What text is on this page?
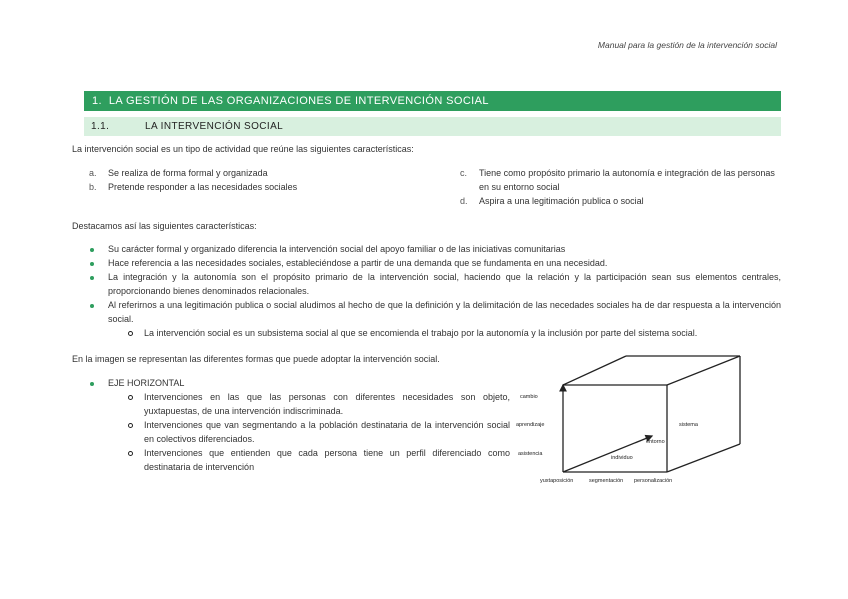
Manual para la gestión de la intervención social
1. LA GESTIÓN DE LAS ORGANIZACIONES DE INTERVENCIÓN SOCIAL
1.1.	LA INTERVENCIÓN SOCIAL
La intervención social es un tipo de actividad que reúne las siguientes características:
a. Se realiza de forma formal y organizada
b. Pretende responder a las necesidades sociales
c. Tiene como propósito primario la autonomía e integración de las personas en su entorno social
d. Aspira a una legitimación publica o social
Destacamos así las siguientes características:
Su carácter formal y organizado diferencia la intervención social del apoyo familiar o de las iniciativas comunitarias
Hace referencia a las necesidades sociales, estableciéndose a partir de una demanda que se fundamenta en una necesidad.
La integración y la autonomía son el propósito primario de la intervención social, haciendo que la relación y la participación sean sus elementos centrales, proporcionando bienes denominados relacionales.
Al referirnos a una legitimación publica o social aludimos al hecho de que la definición y la delimitación de las necedades sociales ha de dar respuesta a la intervención social.
La intervención social es un subsistema social al que se encomienda el trabajo por la autonomía y la inclusión por parte del sistema social.
En la imagen se representan las diferentes formas que puede adoptar la intervención social.
EJE HORIZONTAL
Intervenciones en las que las personas con diferentes necesidades son objeto, yuxtapuestas, de una intervención indiscriminada.
Intervenciones que van segmentando a la población destinataria de la intervención social en colectivos diferenciados.
Intervenciones que entienden que cada persona tiene un perfil diferenciado como destinataria de intervención
cambio
aprendizaje
asistencia
yuxtaposición	segmentación personalización
individuo
entorno
sistema
